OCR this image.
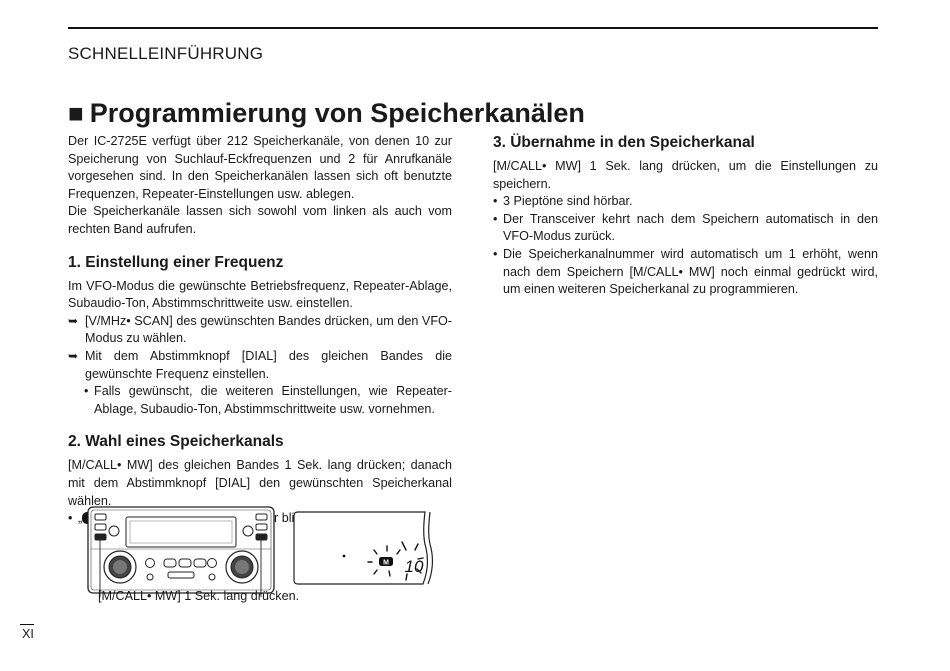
SCHNELLEINFÜHRUNG
■ Programmierung von Speicherkanälen

Der IC-2725E verfügt über 212 Speicherkanäle, von denen 10 zur Speicherung von Suchlauf-Eckfrequenzen und 2 für Anrufkanäle vorgesehen sind. In den Speicherkanälen lassen sich oft benutzte Frequenzen, Repeater-Einstellungen usw. ablegen.

Die Speicherkanäle lassen sich sowohl vom linken als auch vom rechten Band aufrufen.

1. Einstellung einer Frequenz

Im VFO-Modus die gewünschte Betriebsfrequenz, Repeater-Ablage, Subaudio-Ton, Abstimmschrittweite usw. einstellen.

➥ [V/MHz• SCAN] des gewünschten Bandes drücken, um den VFO-Modus zu wählen.
➥ Mit dem Abstimmknopf [DIAL] des gleichen Bandes die gewünschte Frequenz einstellen.
• Falls gewünscht, die weiteren Einstellungen, wie Repeater-Ablage, Subaudio-Ton, Abstimmschrittweite usw. vornehmen.
2. Wahl eines Speicherkanals

[M/CALL• MW] des gleichen Bandes 1 Sek. lang drücken; danach mit dem Abstimmknopf [DIAL] den gewünschten Speicherkanal wählen.

• „
3. Übernahme in den Speicherkanal

[M/CALL• MW] 1 Sek. lang drücken, um die Einstellungen zu speichern.

• 3 Pieptöne sind hörbar.
• Der Transceiver kehrt nach dem Speichern automatisch in den VFO-Modus zurück.
• Die Speicherkanalnummer wird automatisch um 1 erhöht, wenn nach dem Speichern [M/CALL• MW] noch einmal gedrückt wird, um einen weiteren Speicherkanal zu programmieren.
M 10
[M/CALL• MW] 1 Sek. lang drücken.
XI
